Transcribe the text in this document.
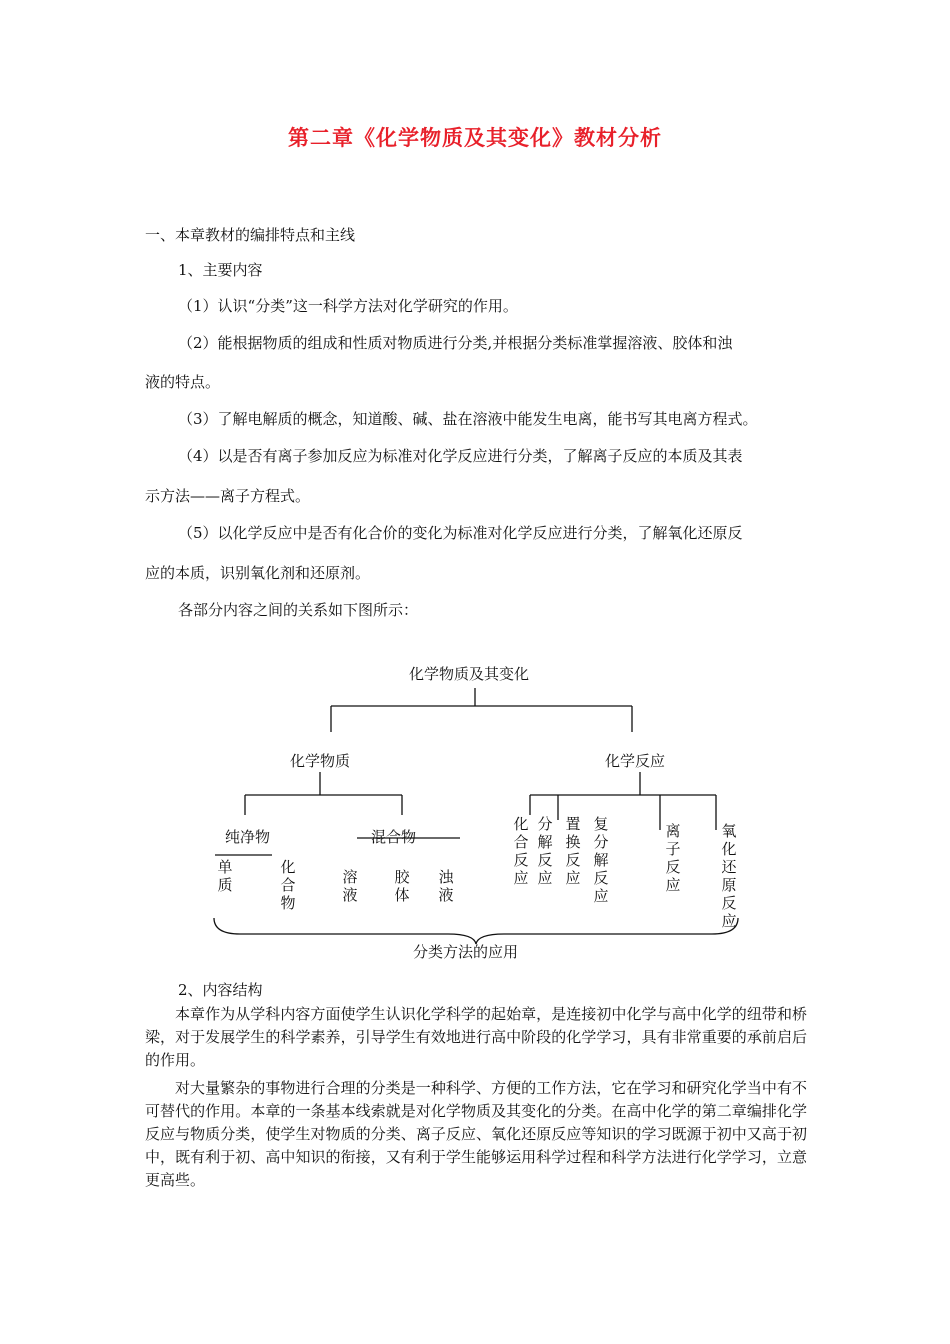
第二章《化学物质及其变化》教材分析
一、本章教材的编排特点和主线
1、主要内容
（1）认识“分类”这一科学方法对化学研究的作用。
（2）能根据物质的组成和性质对物质进行分类,并根据分类标准掌握溶液、胶体和浊
液的特点。
（3）了解电解质的概念，知道酸、碱、盐在溶液中能发生电离，能书写其电离方程式。
（4）以是否有离子参加反应为标准对化学反应进行分类，了解离子反应的本质及其表
示方法——离子方程式。
（5）以化学反应中是否有化合价的变化为标准对化学反应进行分类，了解氧化还原反
应的本质，识别氧化剂和还原剂。
各部分内容之间的关系如下图所示：
化学物质及其变化
化学物质	化学反应
纯净物	混合物
单质
化合物
溶液
胶体
浊液
化合反应
分解反应
置换反应
复分解反应
离子反应
氧化还原反应
分类方法的应用
2、内容结构
本章作为从学科内容方面使学生认识化学科学的起始章，是连接初中化学与高中化学的纽带和桥梁，对于发展学生的科学素养，引导学生有效地进行高中阶段的化学学习，具有非常重要的承前启后的作用。
对大量繁杂的事物进行合理的分类是一种科学、方便的工作方法，它在学习和研究化学当中有不可替代的作用。本章的一条基本线索就是对化学物质及其变化的分类。在高中化学的第二章编排化学反应与物质分类，使学生对物质的分类、离子反应、氧化还原反应等知识的学习既源于初中又高于初中，既有利于初、高中知识的衔接，又有利于学生能够运用科学过程和科学方法进行化学学习，立意更高些。
